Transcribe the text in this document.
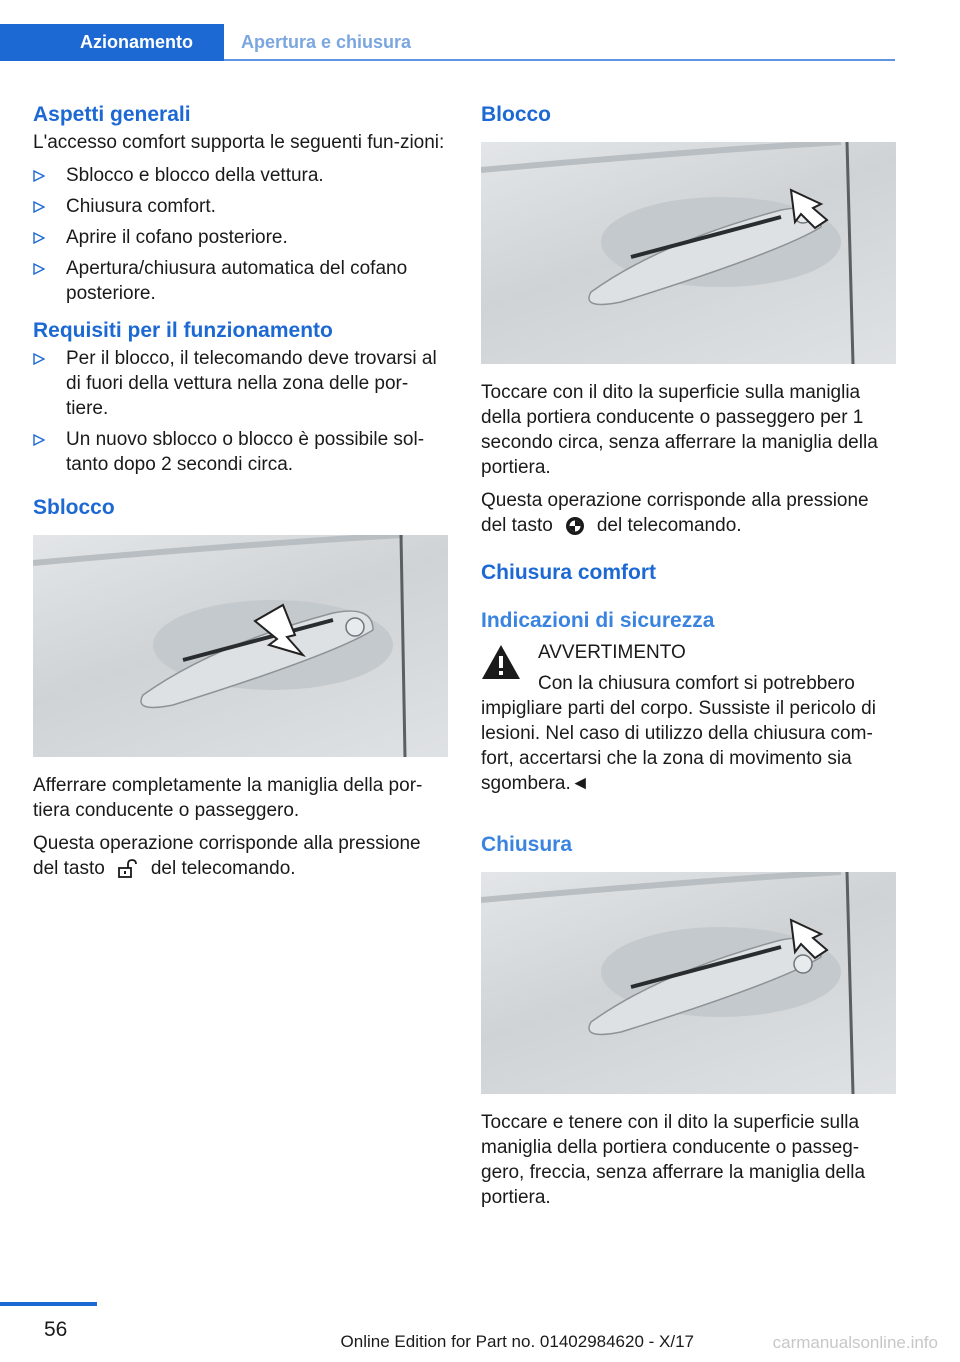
Azionamento	Apertura e chiusura
Aspetti generali
L'accesso comfort supporta le seguenti fun-zioni:
Sblocco e blocco della vettura.
Chiusura comfort.
Aprire il cofano posteriore.
Apertura/chiusura automatica del cofano posteriore.
Requisiti per il funzionamento
Per il blocco, il telecomando deve trovarsi al di fuori della vettura nella zona delle por-tiere.
Un nuovo sblocco o blocco è possibile sol-tanto dopo 2 secondi circa.
Sblocco
Afferrare completamente la maniglia della por-tiera conducente o passeggero.
Questa operazione corrisponde alla pressione del tasto del telecomando.
Blocco
Toccare con il dito la superficie sulla maniglia della portiera conducente o passeggero per 1 secondo circa, senza afferrare la maniglia della portiera.
Questa operazione corrisponde alla pressione del tasto del telecomando.
Chiusura comfort
Indicazioni di sicurezza
AVVERTIMENTO
Con la chiusura comfort si potrebbero impigliare parti del corpo. Sussiste il pericolo di lesioni. Nel caso di utilizzo della chiusura com-fort, accertarsi che la zona di movimento sia sgombera.◄
Chiusura
Toccare e tenere con il dito la superficie sulla maniglia della portiera conducente o passeg-gero, freccia, senza afferrare la maniglia della portiera.
56
Online Edition for Part no. 01402984620 - X/17	carmanualsonline.info
